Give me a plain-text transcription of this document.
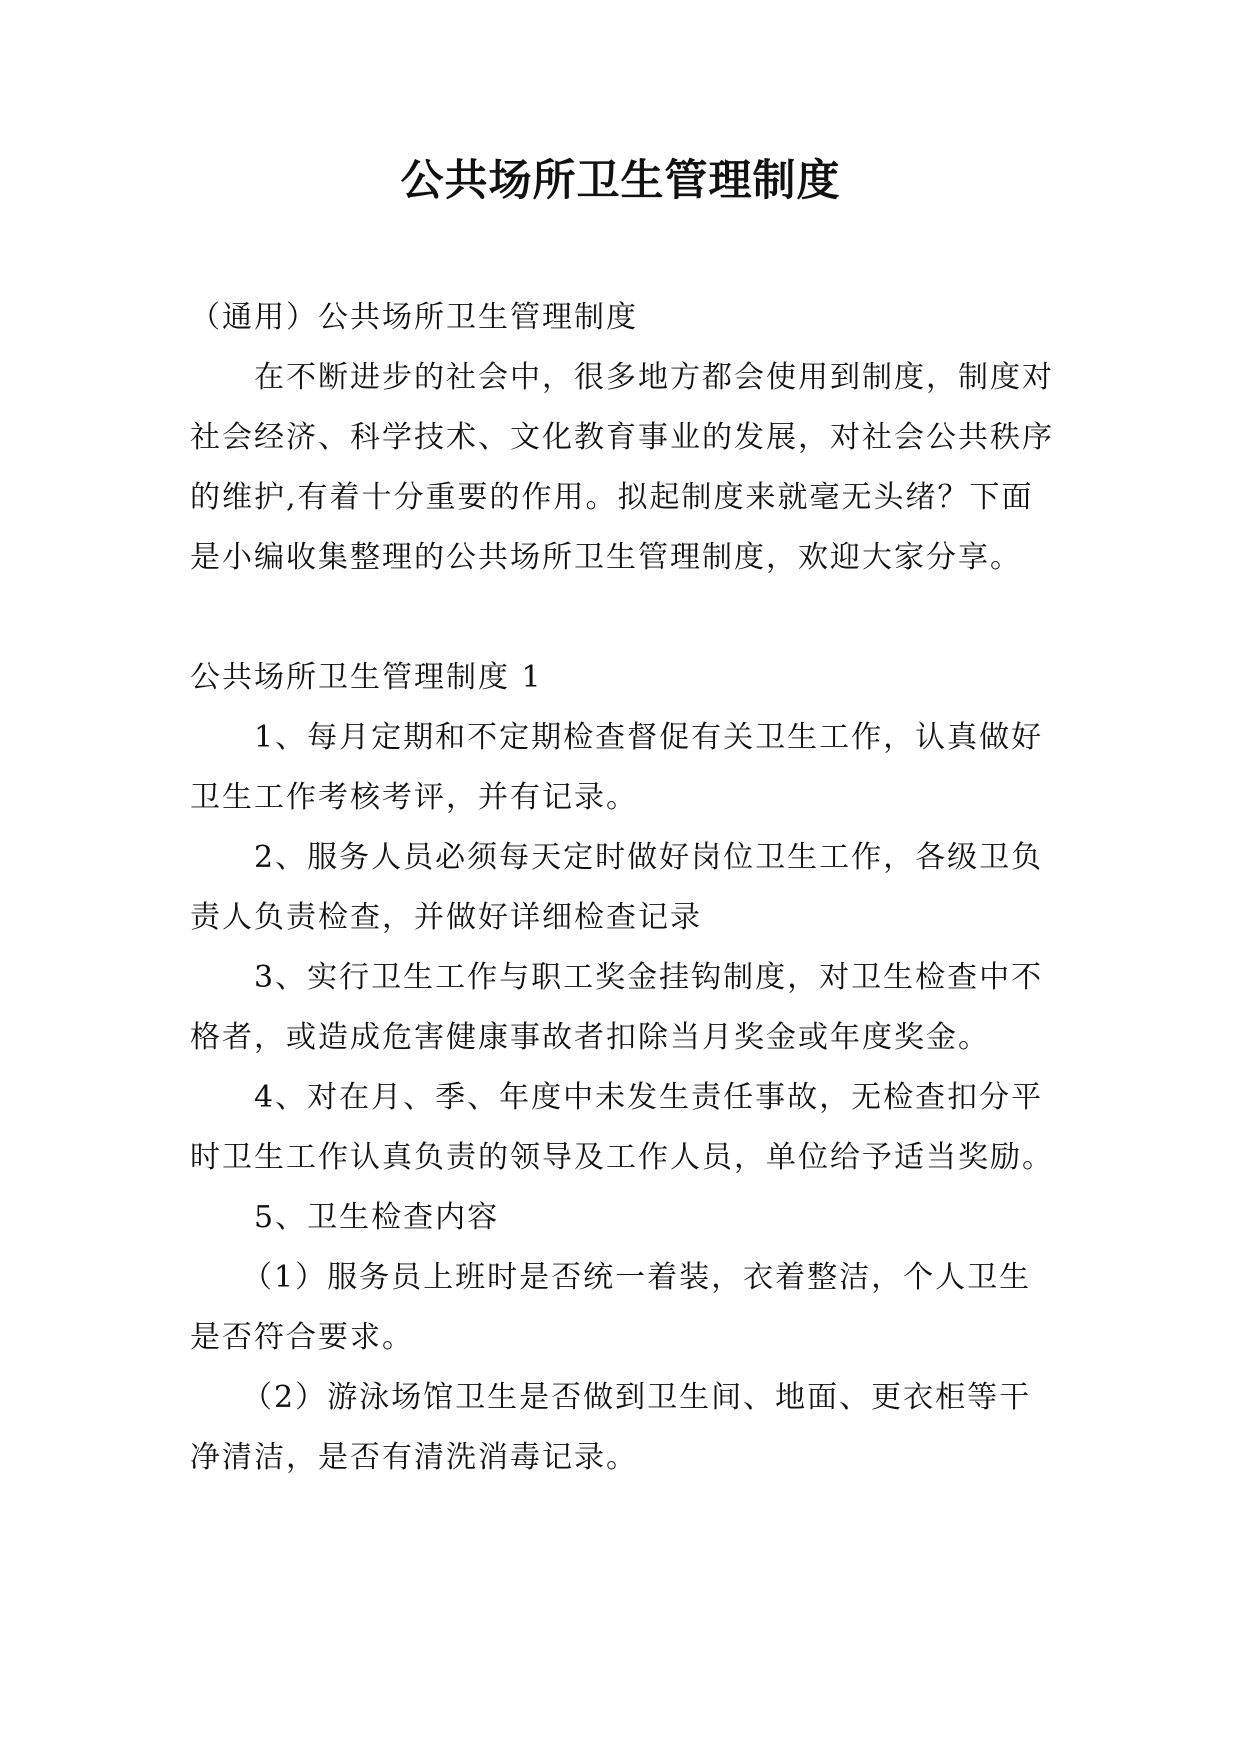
公共场所卫生管理制度

（通用）公共场所卫生管理制度

在不断进步的社会中，很多地方都会使用到制度，制度对社会经济、科学技术、文化教育事业的发展，对社会公共秩序的维护,有着十分重要的作用。拟起制度来就毫无头绪？下面是小编收集整理的公共场所卫生管理制度，欢迎大家分享。

公共场所卫生管理制度 1

1、每月定期和不定期检查督促有关卫生工作，认真做好卫生工作考核考评，并有记录。

2、服务人员必须每天定时做好岗位卫生工作，各级卫负责人负责检查，并做好详细检查记录

3、实行卫生工作与职工奖金挂钩制度，对卫生检查中不格者，或造成危害健康事故者扣除当月奖金或年度奖金。

4、对在月、季、年度中未发生责任事故，无检查扣分平时卫生工作认真负责的领导及工作人员，单位给予适当奖励。

5、卫生检查内容

（1）服务员上班时是否统一着装，衣着整洁，个人卫生是否符合要求。

（2）游泳场馆卫生是否做到卫生间、地面、更衣柜等干净清洁，是否有清洗消毒记录。
